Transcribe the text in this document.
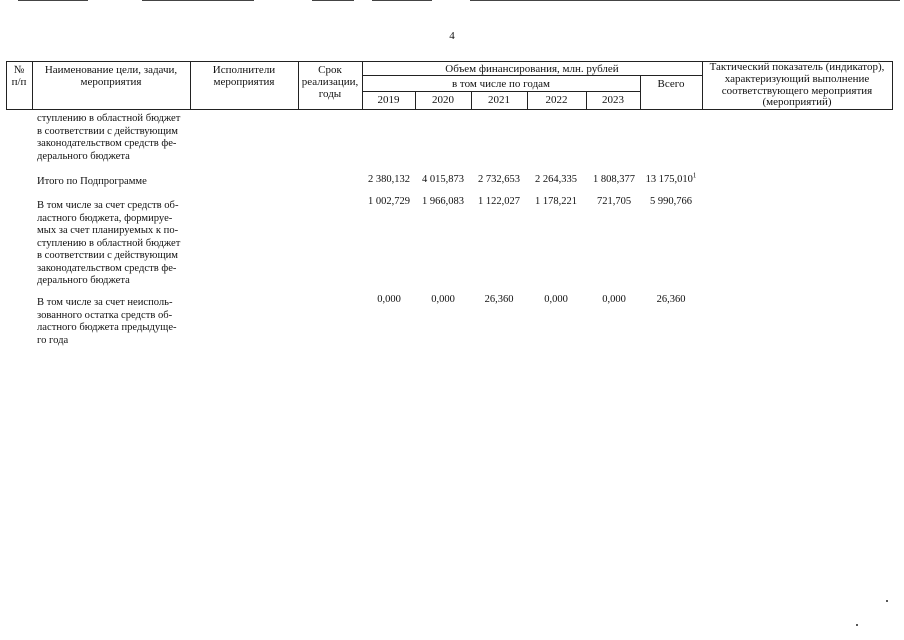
4
№
п/п
Наименование цели, задачи,
мероприятия
Исполнители
мероприятия
Срок
реализации,
годы
Объем финансирования, млн. рублей
в том числе по годам
2019	2020	2021	2022	2023
Всего
Тактический показатель (индикатор),
характеризующий выполнение
соответствующего мероприятия
(мероприятий)
ступлению в областной бюджет
в соответствии с действующим
законодательством средств фе-
дерального бюджета
Итого по Подпрограмме	2 380,132	4 015,873	2 732,653	2 264,335	1 808,377	13 175,010$^1$
В том числе за счет средств об-
ластного бюджета, формируе-
мых за счет планируемых к по-
ступлению в областной бюджет
в соответствии с действующим
законодательством средств фе-
дерального бюджета
1 002,729	1 966,083	1 122,027	1 178,221	721,705	5 990,766
В том числе за счет неисполь-
зованного остатка средств об-
ластного бюджета предыдуще-
го года
0,000	0,000	26,360	0,000	0,000	26,360
